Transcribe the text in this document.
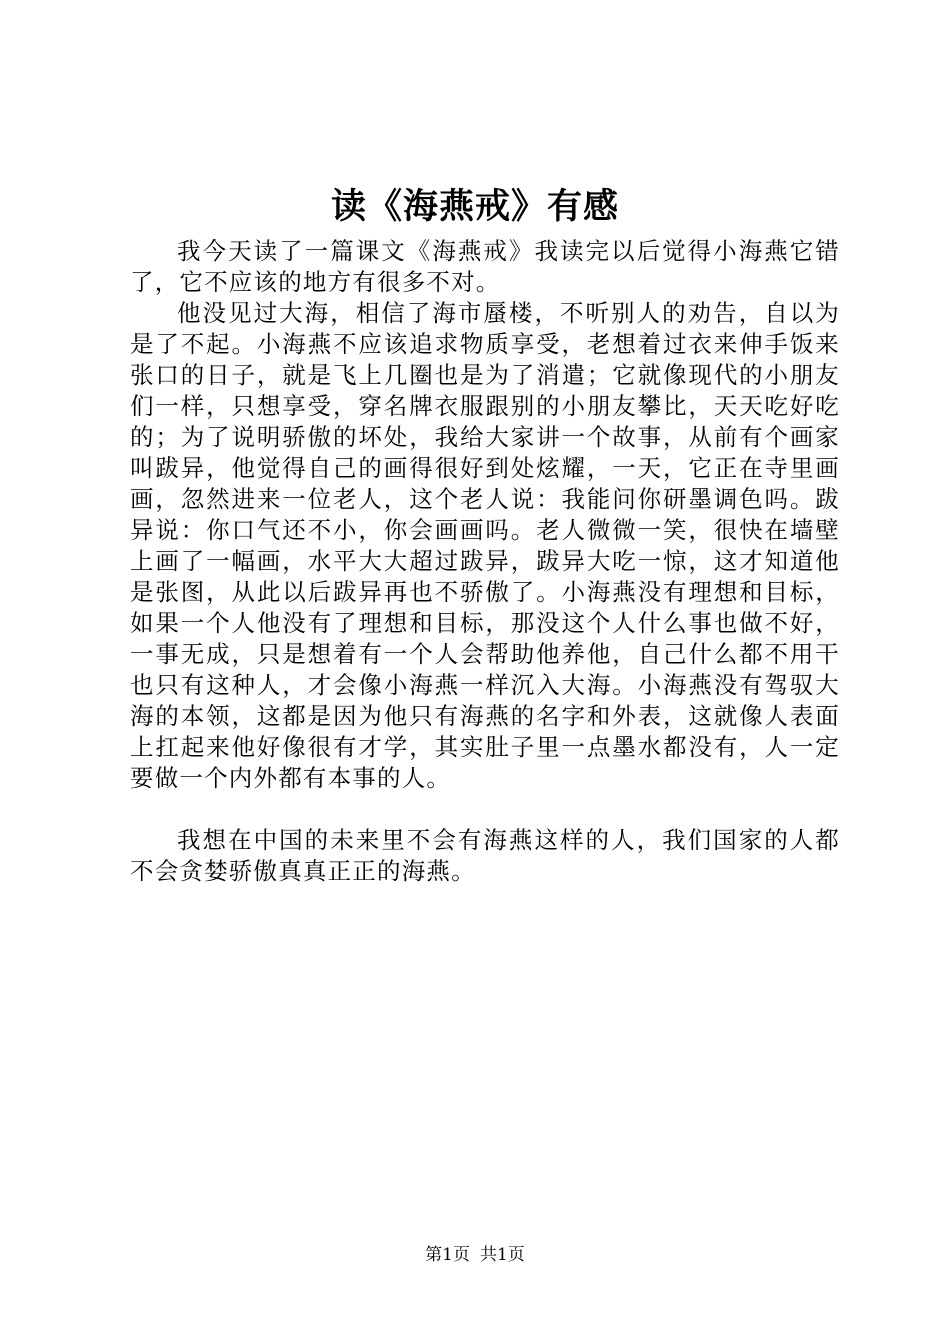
读《海燕戒》有感

我今天读了一篇课文《海燕戒》我读完以后觉得小海燕它错了，它不应该的地方有很多不对。

他没见过大海，相信了海市蜃楼，不听别人的劝告，自以为是了不起。小海燕不应该追求物质享受，老想着过衣来伸手饭来张口的日子，就是飞上几圈也是为了消遣；它就像现代的小朋友们一样，只想享受，穿名牌衣服跟别的小朋友攀比，天天吃好吃的；为了说明骄傲的坏处，我给大家讲一个故事，从前有个画家叫跋异，他觉得自己的画得很好到处炫耀，一天，它正在寺里画画，忽然进来一位老人，这个老人说：我能问你研墨调色吗。跋异说：你口气还不小，你会画画吗。老人微微一笑，很快在墙壁上画了一幅画，水平大大超过跋异，跋异大吃一惊，这才知道他是张图，从此以后跋异再也不骄傲了。小海燕没有理想和目标，如果一个人他没有了理想和目标，那没这个人什么事也做不好，一事无成，只是想着有一个人会帮助他养他，自己什么都不用干也只有这种人，才会像小海燕一样沉入大海。小海燕没有驾驭大海的本领，这都是因为他只有海燕的名字和外表，这就像人表面上扛起来他好像很有才学，其实肚子里一点墨水都没有，人一定要做一个内外都有本事的人。

我想在中国的未来里不会有海燕这样的人，我们国家的人都不会贪婪骄傲真真正正的海燕。

第1页 共1页
